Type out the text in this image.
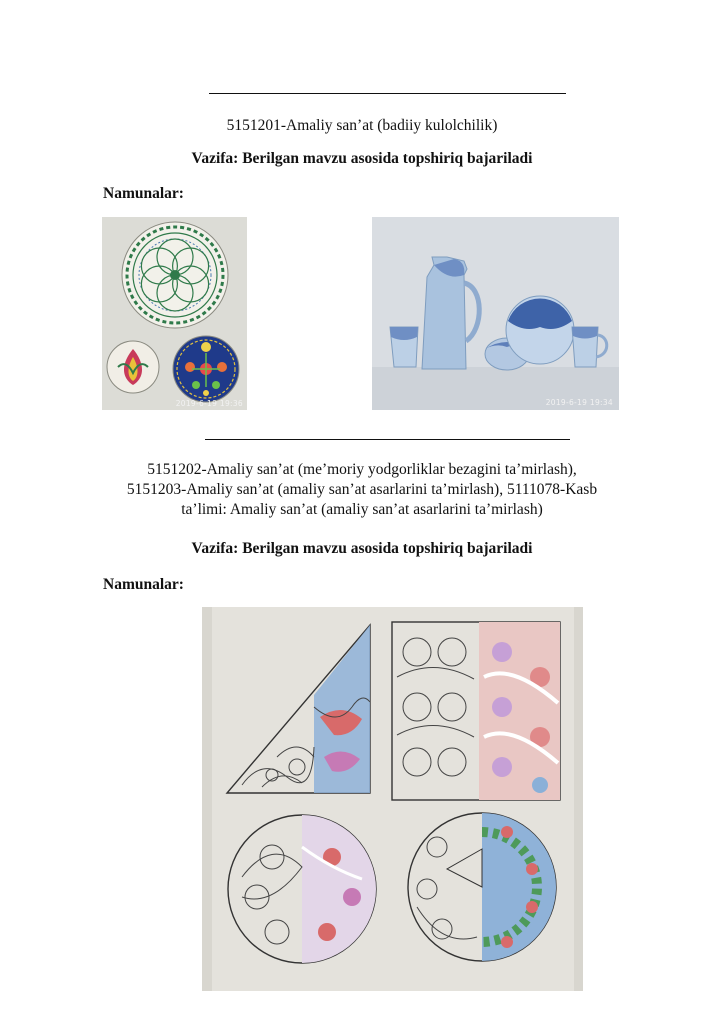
5151201-Amaliy san’at (badiiy kulolchilik)
Vazifa: Berilgan mavzu asosida topshiriq bajariladi
Namunalar:
2019-6-19 19:36	2019-6-19 19:34
5151202-Amaliy san’at (me’moriy yodgorliklar bezagini ta’mirlash),
5151203-Amaliy san’at (amaliy san’at asarlarini ta’mirlash), 5111078-Kasb
ta’limi: Amaliy san’at (amaliy san’at asarlarini ta’mirlash)
Vazifa: Berilgan mavzu asosida topshiriq bajariladi
Namunalar:
